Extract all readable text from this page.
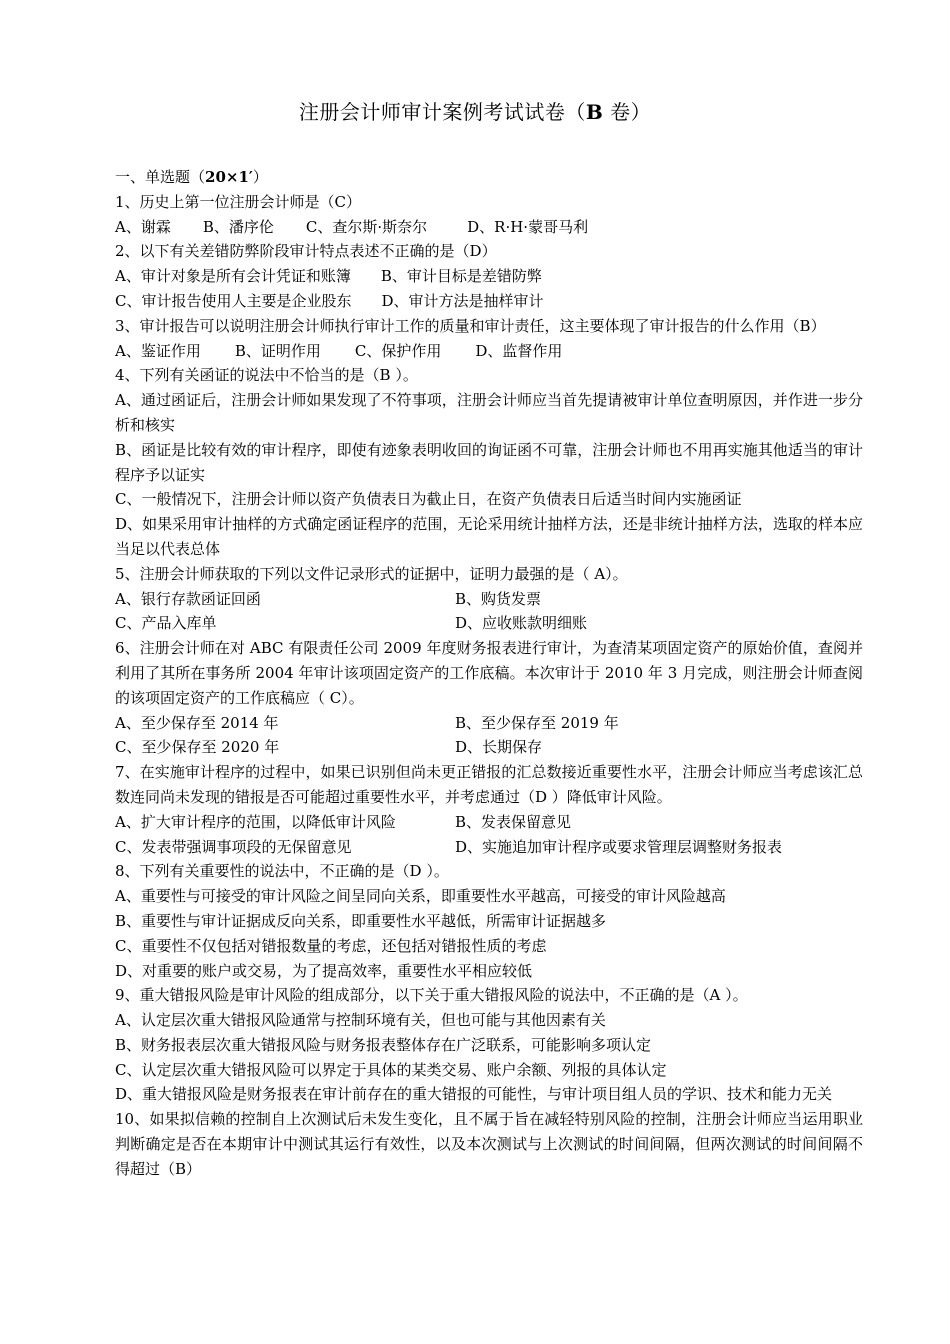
注册会计师审计案例考试试卷（B 卷）
一、单选题（20×1′）
1、历史上第一位注册会计师是（C）
A、谢霖 B、潘序伦 C、查尔斯·斯奈尔	D、R·H·蒙哥马利
2、以下有关差错防弊阶段审计特点表述不正确的是（D）
A、审计对象是所有会计凭证和账簿 B、审计目标是差错防弊
C、审计报告使用人主要是企业股东 D、审计方法是抽样审计
3、审计报告可以说明注册会计师执行审计工作的质量和审计责任，这主要体现了审计报告的什么作用（B）
A、鉴证作用 B、证明作用 C、保护作用 D、监督作用
4、下列有关函证的说法中不恰当的是（B ）。
A、通过函证后，注册会计师如果发现了不符事项，注册会计师应当首先提请被审计单位查明原因，并作进一步分析和核实
B、函证是比较有效的审计程序，即使有迹象表明收回的询证函不可靠，注册会计师也不用再实施其他适当的审计程序予以证实
C、一般情况下，注册会计师以资产负债表日为截止日，在资产负债表日后适当时间内实施函证
D、如果采用审计抽样的方式确定函证程序的范围，无论采用统计抽样方法，还是非统计抽样方法，选取的样本应当足以代表总体
5、注册会计师获取的下列以文件记录形式的证据中，证明力最强的是（ A）。
A、银行存款函证回函	B、购货发票
C、产品入库单	D、应收账款明细账
6、注册会计师在对 ABC 有限责任公司 2009 年度财务报表进行审计，为查清某项固定资产的原始价值，查阅并利用了其所在事务所 2004 年审计该项固定资产的工作底稿。本次审计于 2010 年 3 月完成，则注册会计师查阅的该项固定资产的工作底稿应（ C）。
A、至少保存至 2014 年	B、至少保存至 2019 年
C、至少保存至 2020 年	D、长期保存
7、在实施审计程序的过程中，如果已识别但尚未更正错报的汇总数接近重要性水平，注册会计师应当考虑该汇总数连同尚未发现的错报是否可能超过重要性水平，并考虑通过（D ）降低审计风险。
A、扩大审计程序的范围，以降低审计风险	B、发表保留意见
C、发表带强调事项段的无保留意见	D、实施追加审计程序或要求管理层调整财务报表
8、下列有关重要性的说法中，不正确的是（D ）。
A、重要性与可接受的审计风险之间呈同向关系，即重要性水平越高，可接受的审计风险越高
B、重要性与审计证据成反向关系，即重要性水平越低，所需审计证据越多
C、重要性不仅包括对错报数量的考虑，还包括对错报性质的考虑
D、对重要的账户或交易，为了提高效率，重要性水平相应较低
9、重大错报风险是审计风险的组成部分，以下关于重大错报风险的说法中，不正确的是（A ）。
A、认定层次重大错报风险通常与控制环境有关，但也可能与其他因素有关
B、财务报表层次重大错报风险与财务报表整体存在广泛联系，可能影响多项认定
C、认定层次重大错报风险可以界定于具体的某类交易、账户余额、列报的具体认定
D、重大错报风险是财务报表在审计前存在的重大错报的可能性，与审计项目组人员的学识、技术和能力无关
10、如果拟信赖的控制自上次测试后未发生变化，且不属于旨在减轻特别风险的控制，注册会计师应当运用职业判断确定是否在本期审计中测试其运行有效性，以及本次测试与上次测试的时间间隔，但两次测试的时间间隔不得超过（B）
